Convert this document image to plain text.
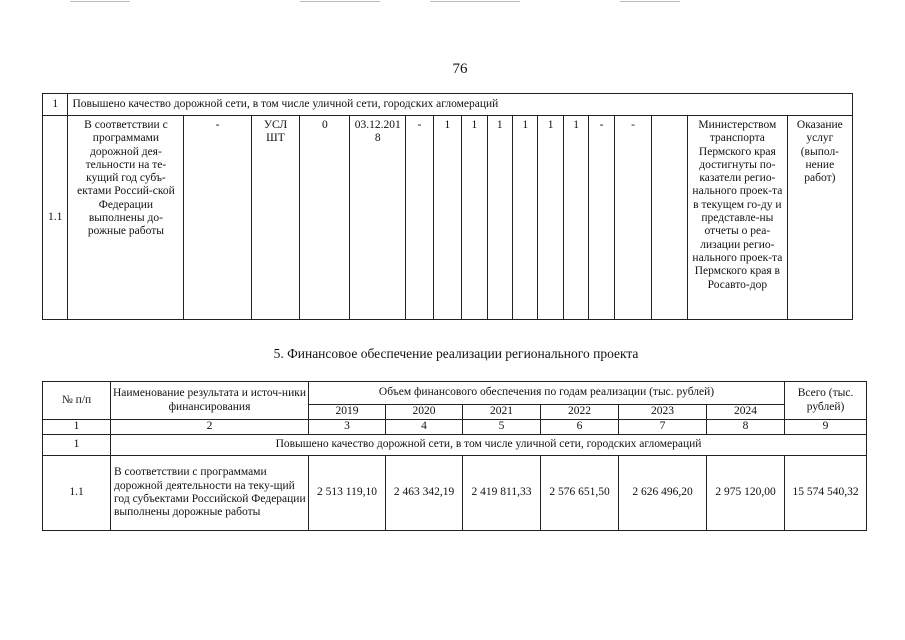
76
1	Повышено качество дорожной сети, в том числе уличной сети, городских агломераций																
1.1	В соответствии с программами дорожной дея-тельности на те-кущий год субъ-ектами Россий-ской Федерации выполнены до-рожные работы	-	УСЛ ШТ	0	03.12.2018	-	1	1	1	1	1	1	-	-		Министерством транспорта Пермского края достигнуты по-казатели регио-нального проек-та в текущем го-ду и представле-ны отчеты о реа-лизации регио-нального проек-та Пермского края в Росавто-дор	Оказание услуг (выпол-нение работ)
5. Финансовое обеспечение реализации регионального проекта
№ п/п	Наименование результата и источ-ники финансирования	Объем финансового обеспечения по годам реализации (тыс. рублей)						Всего (тыс. рублей)
		2019	2020	2021	2022	2023	2024	
1	2	3	4	5	6	7	8	9
1	Повышено качество дорожной сети, в том числе уличной сети, городских агломераций							
1.1	В соответствии с программами дорожной деятельности на теку-щий год субъектами Российской Федерации выполнены дорожные работы	2 513 119,10	2 463 342,19	2 419 811,33	2 576 651,50	2 626 496,20	2 975 120,00	15 574 540,32
